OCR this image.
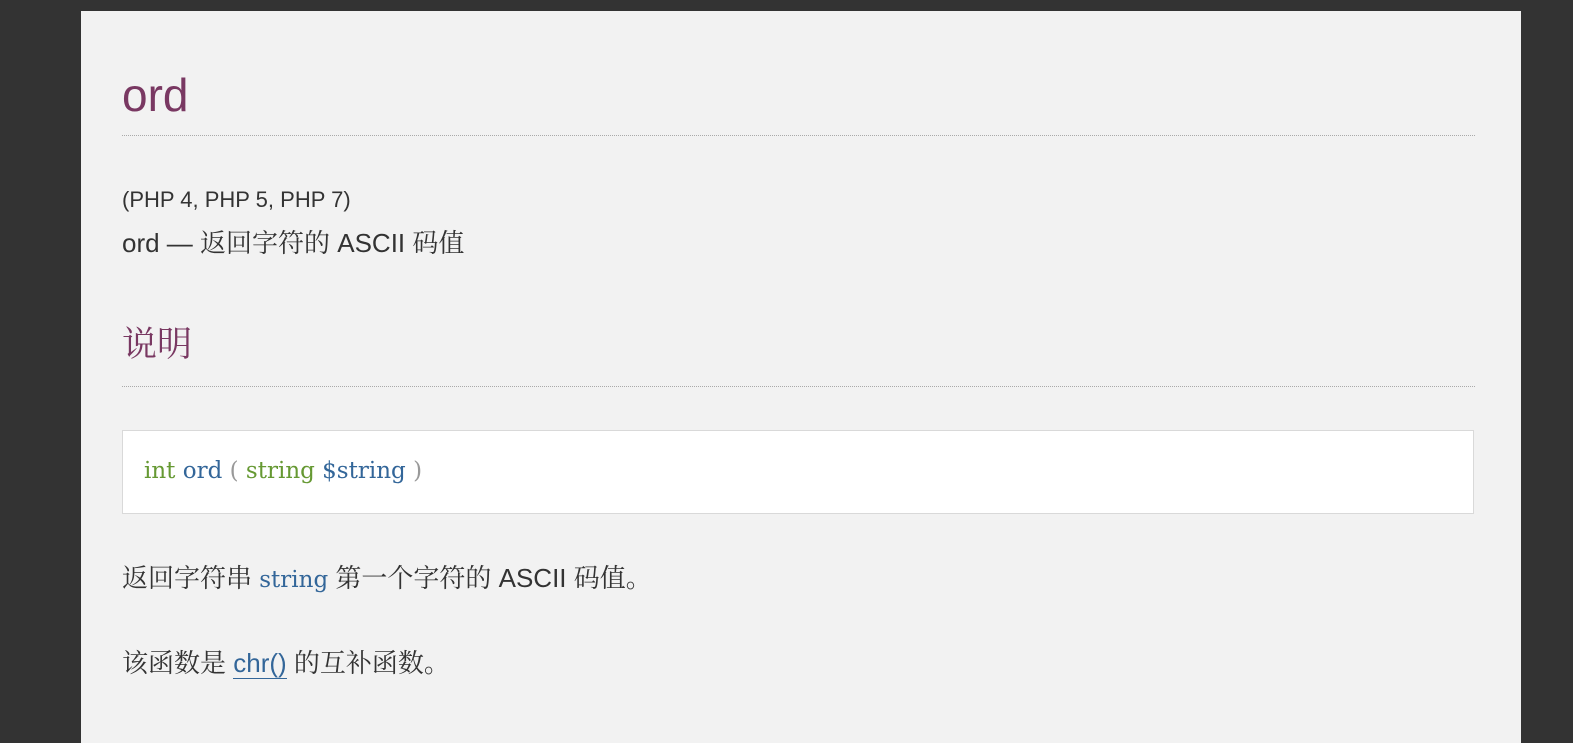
ord
(PHP 4, PHP 5, PHP 7)
ord — 返回字符的 ASCII 码值
说明
int ord ( string $string )

返回字符串 string 第一个字符的 ASCII 码值。

该函数是 chr() 的互补函数。
